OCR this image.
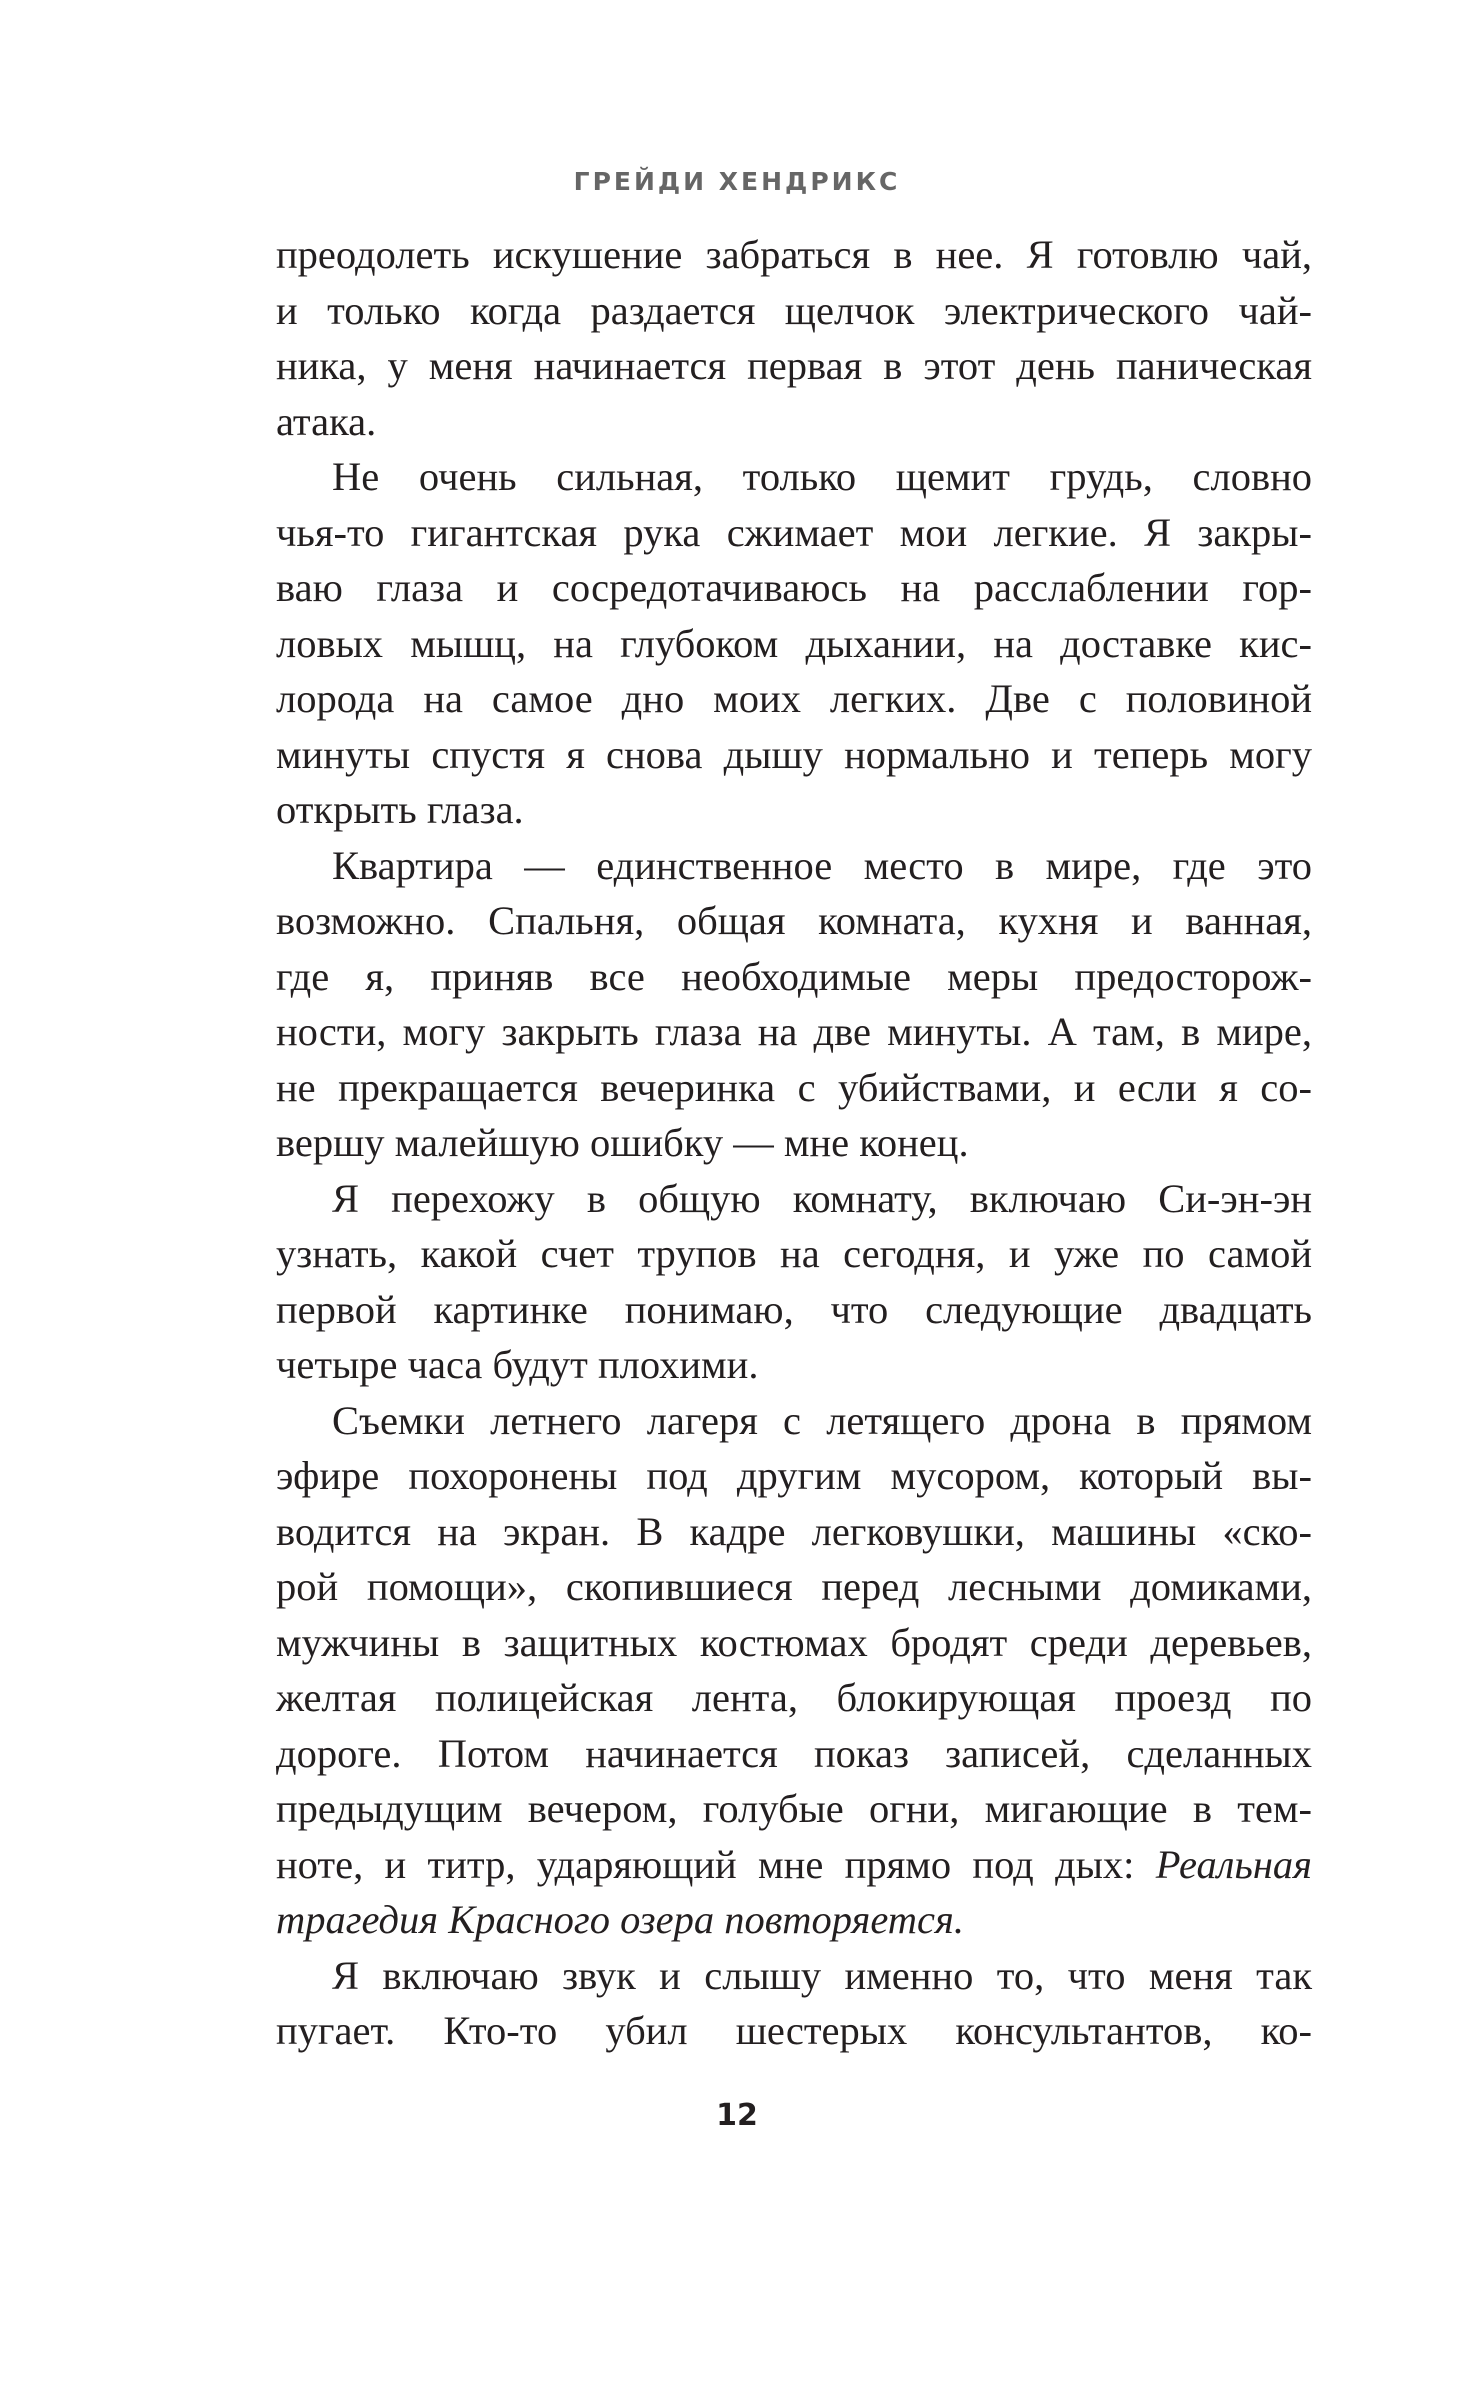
ГРЕЙДИ ХЕНДРИКС
преодолеть искушение забраться в нее. Я готовлю чай,
и только когда раздается щелчок электрического чай-
ника, у меня начинается первая в этот день паническая
атака.
Не очень сильная, только щемит грудь, словно
чья-то гигантская рука сжимает мои легкие. Я закры-
ваю глаза и сосредотачиваюсь на расслаблении гор-
ловых мышц, на глубоком дыхании, на доставке кис-
лорода на самое дно моих легких. Две с половиной
минуты спустя я снова дышу нормально и теперь могу
открыть глаза.
Квартира — единственное место в мире, где это
возможно. Спальня, общая комната, кухня и ванная,
где я, приняв все необходимые меры предосторож-
ности, могу закрыть глаза на две минуты. А там, в мире,
не прекращается вечеринка с убийствами, и если я со-
вершу малейшую ошибку — мне конец.
Я перехожу в общую комнату, включаю Си-эн-эн
узнать, какой счет трупов на сегодня, и уже по самой
первой картинке понимаю, что следующие двадцать
четыре часа будут плохими.
Съемки летнего лагеря с летящего дрона в прямом
эфире похоронены под другим мусором, который вы-
водится на экран. В кадре легковушки, машины «ско-
рой помощи», скопившиеся перед лесными домиками,
мужчины в защитных костюмах бродят среди деревьев,
желтая полицейская лента, блокирующая проезд по
дороге. Потом начинается показ записей, сделанных
предыдущим вечером, голубые огни, мигающие в тем-
ноте, и титр, ударяющий мне прямо под дых: Реальная
трагедия Красного озера повторяется.
Я включаю звук и слышу именно то, что меня так
пугает. Кто-то убил шестерых консультантов, ко-
12
